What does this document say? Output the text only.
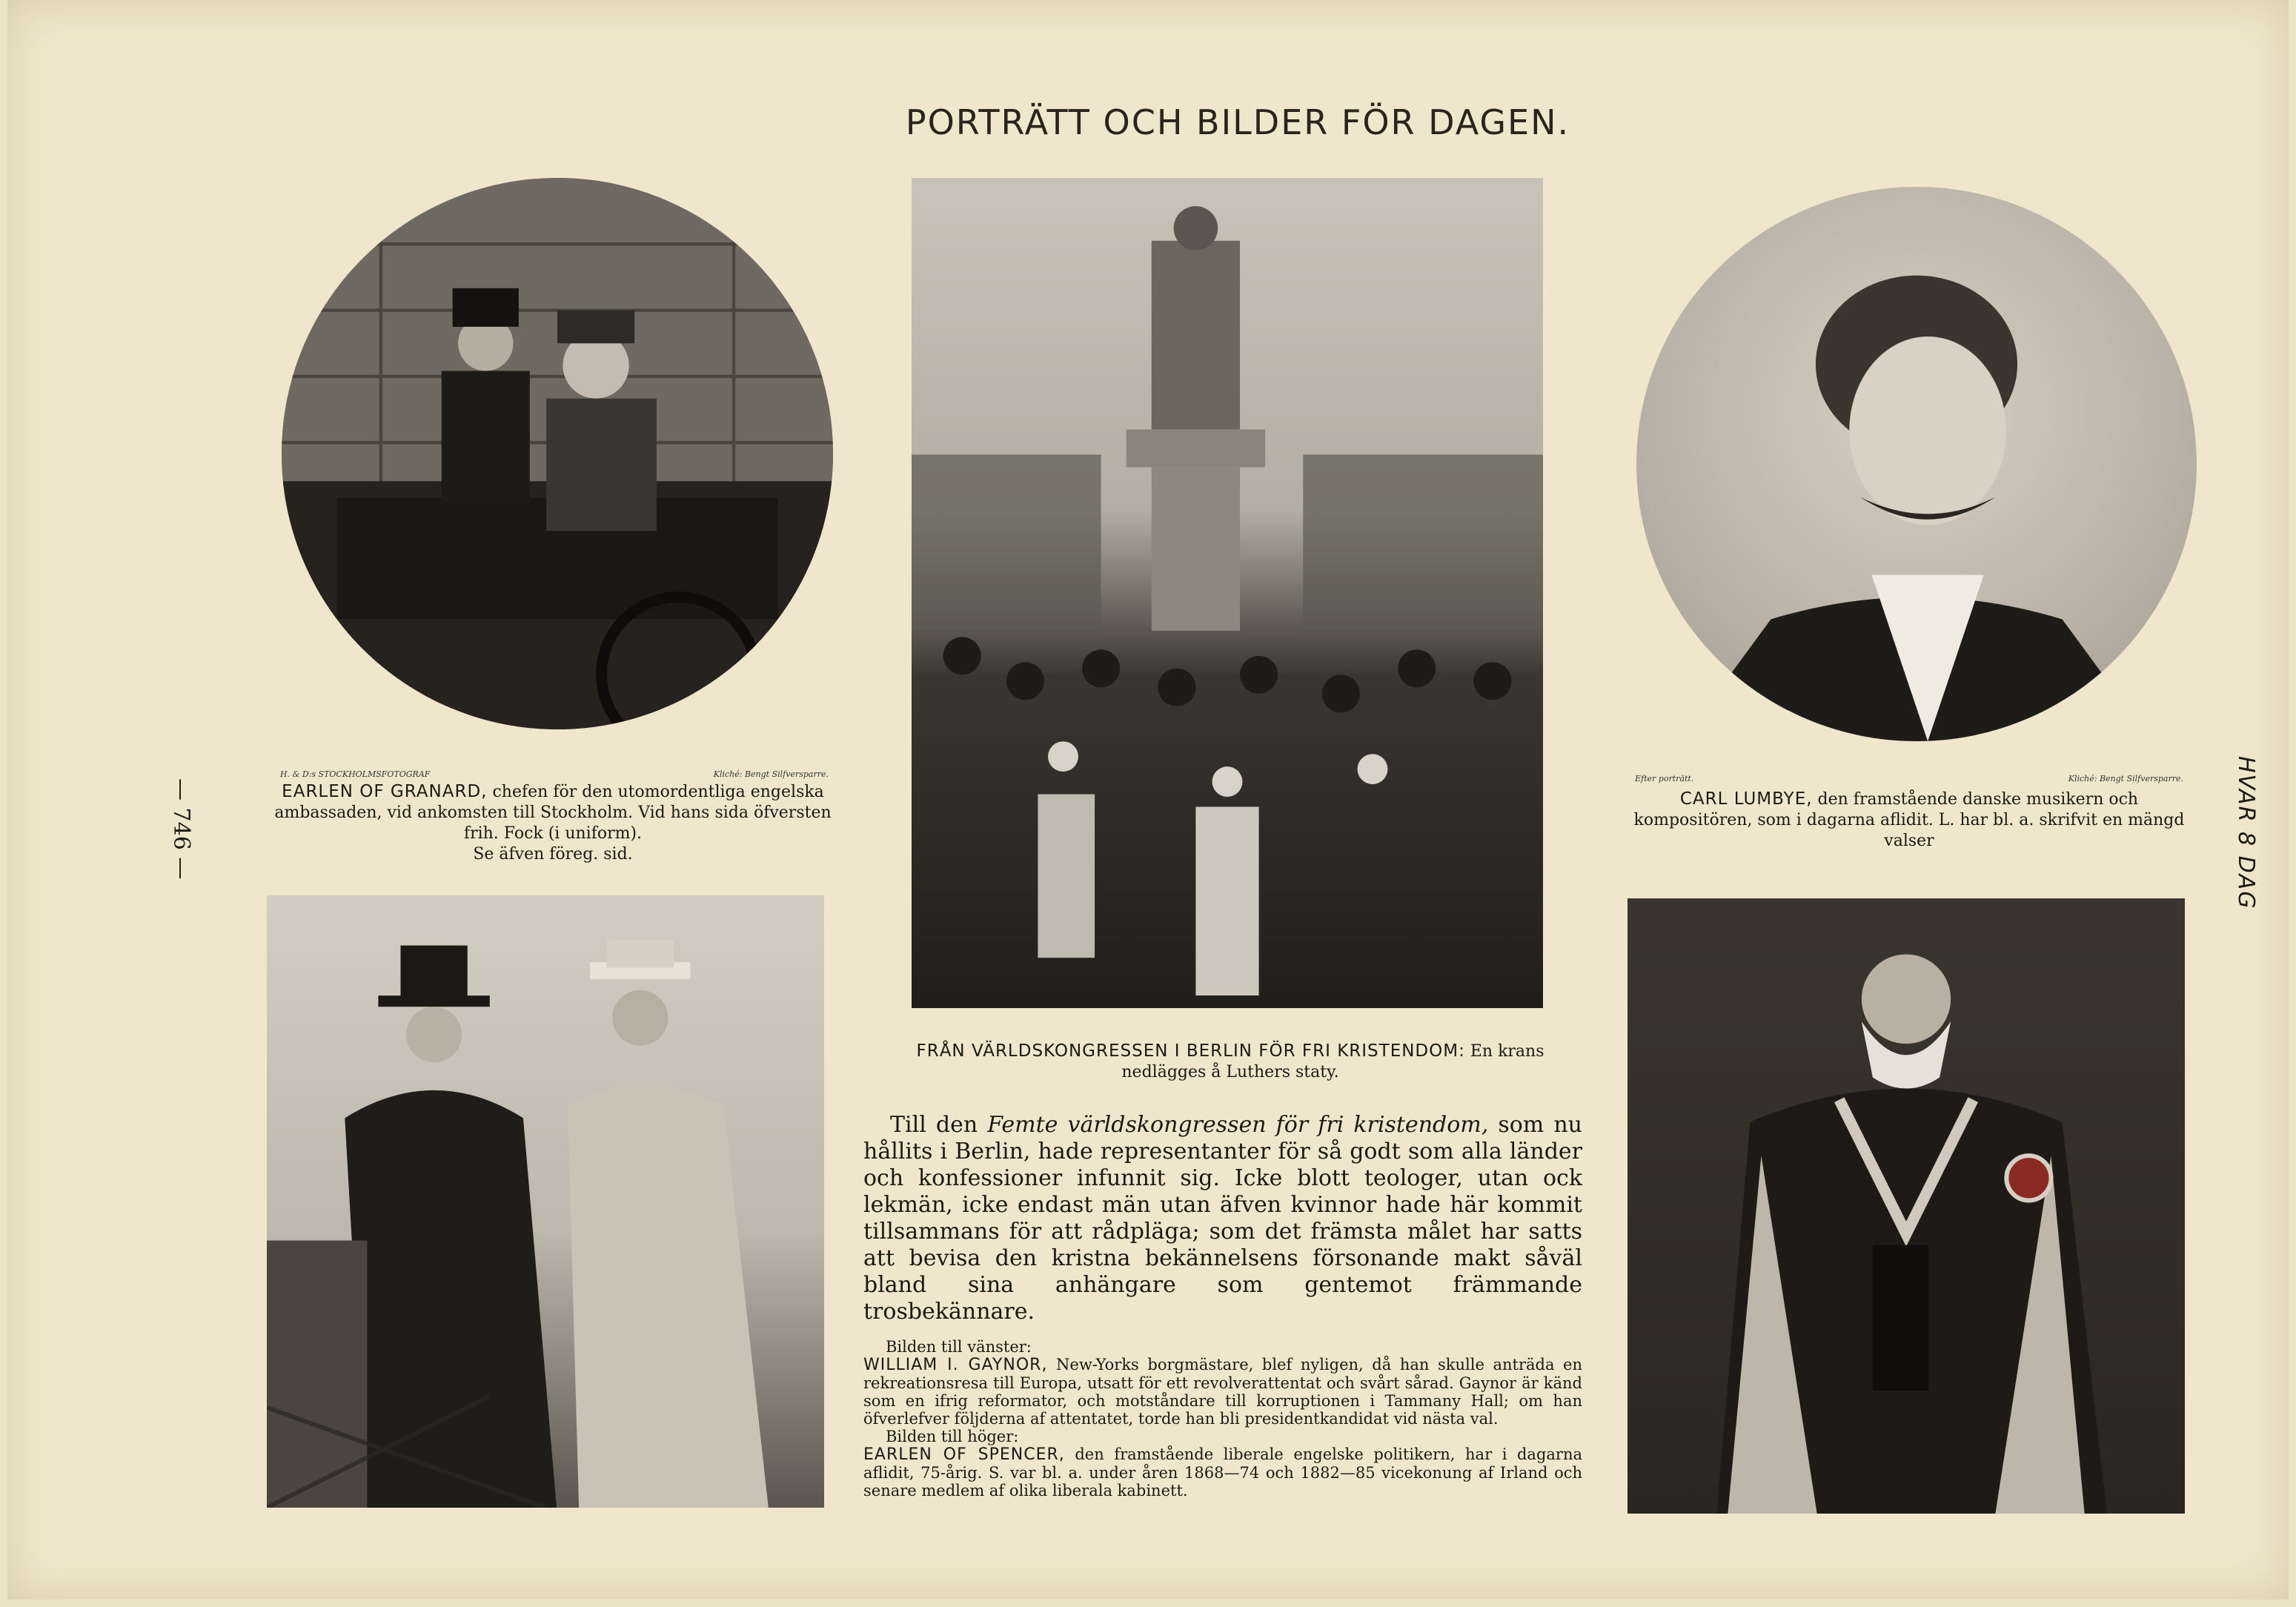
PORTRÄTT OCH BILDER FÖR DAGEN.
— 746 —	HVAR 8 DAG
H. & D:s STOCKHOLMSFOTOGRAF	Kliché: Bengt Silfversparre.

EARLEN OF GRANARD, chefen för den utomordentliga engelska ambassaden, vid ankomsten till Stockholm. Vid hans sida öfversten frih. Fock (i uniform).

Se äfven föreg. sid.

FRÅN VÄRLDSKONGRESSEN I BERLIN FÖR FRI KRISTENDOM: En krans nedlägges å Luthers staty.

Efter porträtt.	Kliché: Bengt Silfversparre.

CARL LUMBYE, den framstående danske musikern och kompositören, som i dagarna aflidit. L. har bl. a. skrifvit en mängd valser

Till den Femte världskongressen för fri kristendom, som nu hållits i Berlin, hade representanter för så godt som alla länder och konfessioner infunnit sig. Icke blott teologer, utan ock lekmän, icke endast män utan äfven kvinnor hade här kommit tillsammans för att rådpläga; som det främsta målet har satts att bevisa den kristna bekännelsens försonande makt såväl bland sina anhängare som gentemot främmande trosbekännare.

Bilden till vänster:

WILLIAM I. GAYNOR, New-Yorks borgmästare, blef nyligen, då han skulle anträda en rekreationsresa till Europa, utsatt för ett revolverattentat och svårt sårad. Gaynor är känd som en ifrig reformator, och motståndare till korruptionen i Tammany Hall; om han öfverlefver följderna af attentatet, torde han bli presidentkandidat vid nästa val.

Bilden till höger:

EARLEN OF SPENCER, den framstående liberale engelske politikern, har i dagarna aflidit, 75-årig. S. var bl. a. under åren 1868—74 och 1882—85 vicekonung af Irland och senare medlem af olika liberala kabinett.
